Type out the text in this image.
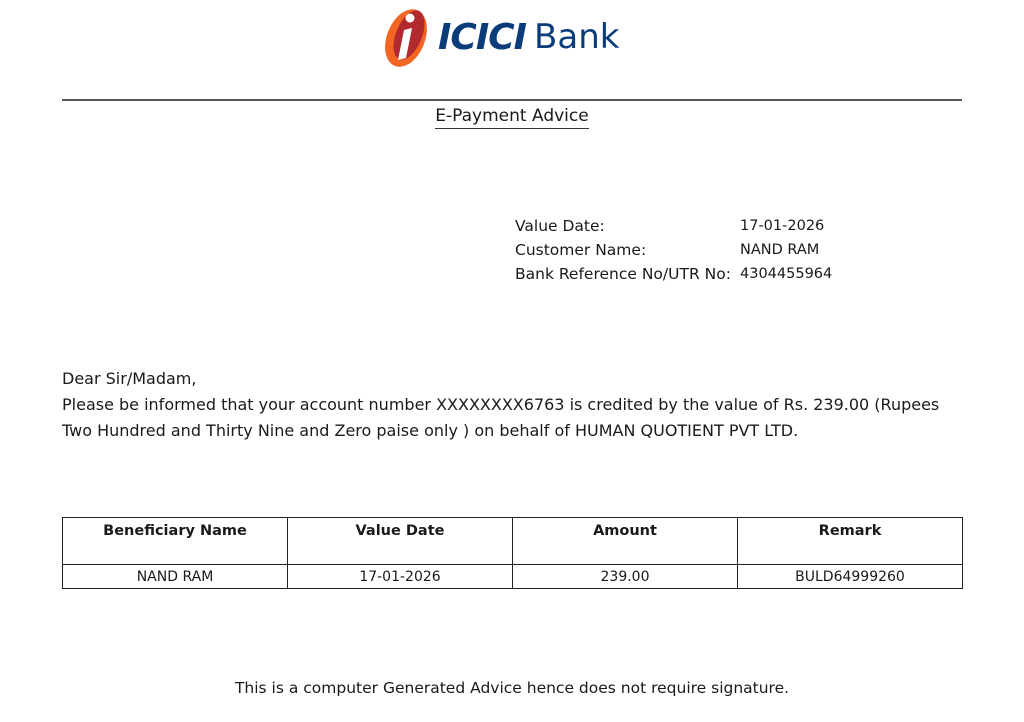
ICICI Bank
E-Payment Advice
Value Date:	17-01-2026
Customer Name:	NAND RAM
Bank Reference No/UTR No: 4304455964

Dear Sir/Madam,

Please be informed that your account number XXXXXXXX6763 is credited by the value of Rs. 239.00 (Rupees Two Hundred and Thirty Nine and Zero paise only ) on behalf of HUMAN QUOTIENT PVT LTD.

Beneficiary Name	Value Date	Amount	Remark
NAND RAM	17-01-2026	239.00	BULD64999260
This is a computer Generated Advice hence does not require signature.
